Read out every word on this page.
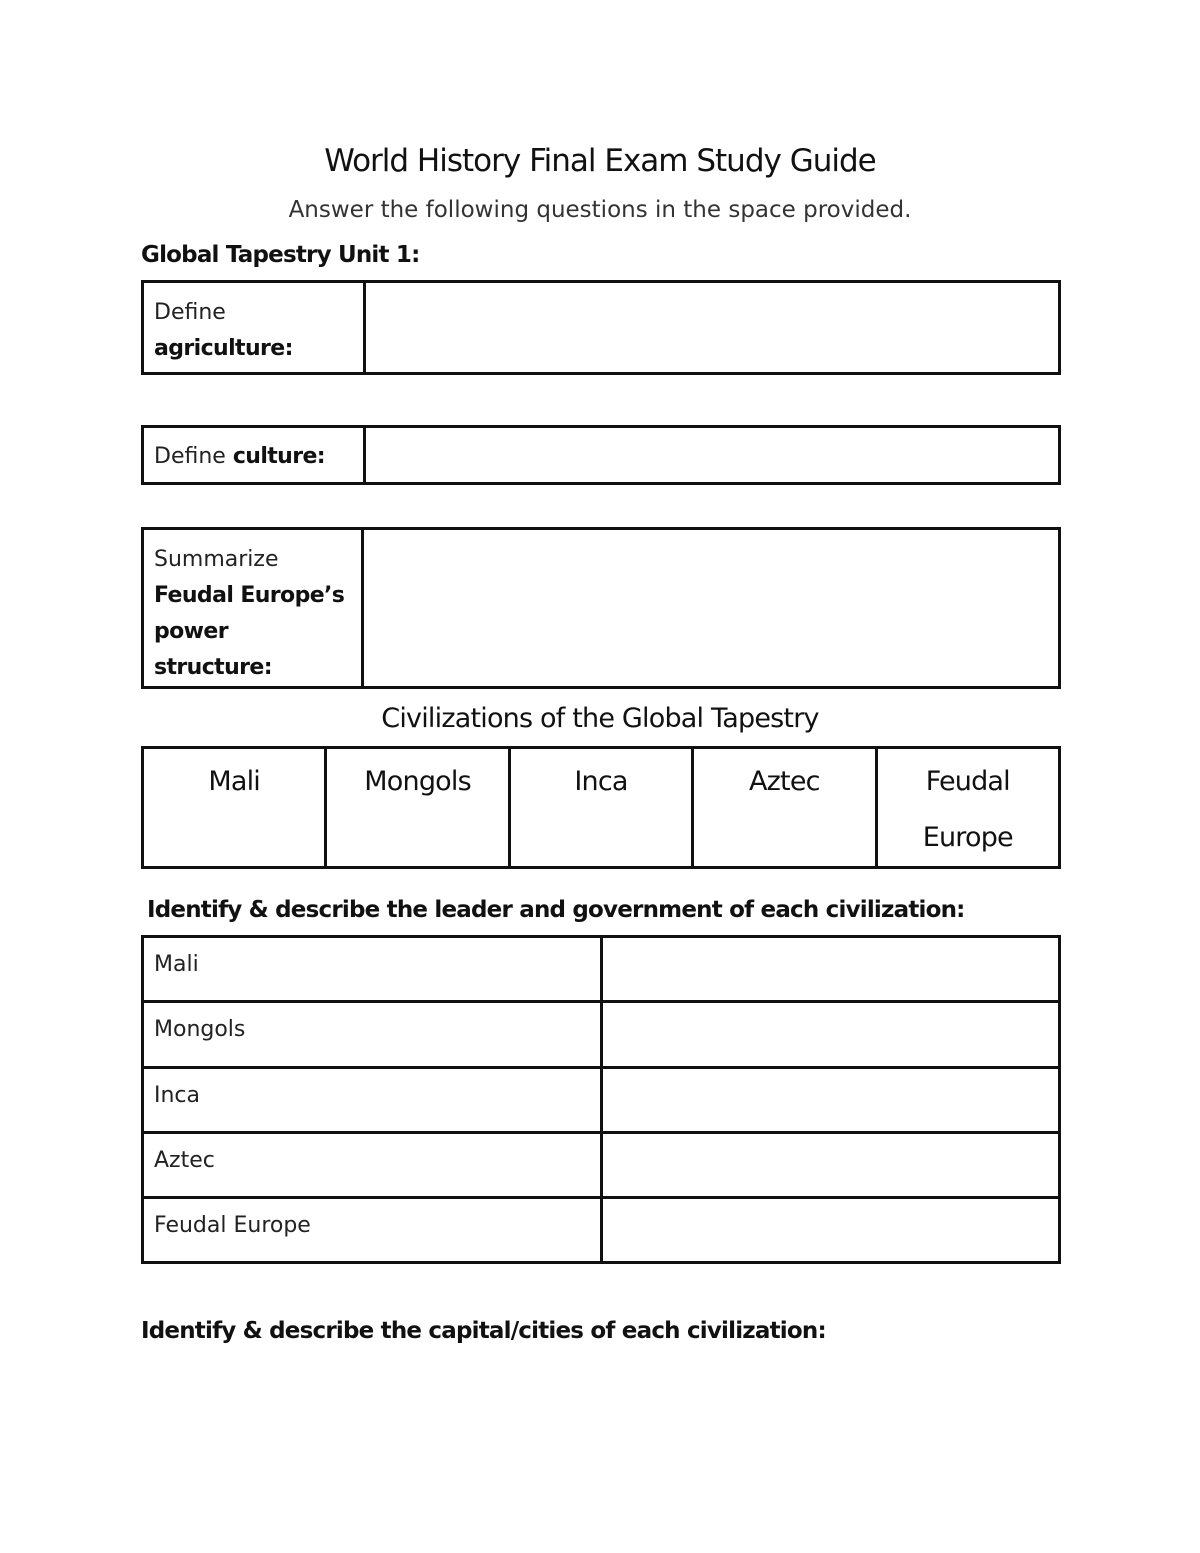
World History Final Exam Study Guide
Answer the following questions in the space provided.
Global Tapestry Unit 1:
Define
agriculture:	
Define culture:	
Summarize
Feudal Europe’s
power structure:	
Civilizations of the Global Tapestry
Mali	Mongols	Inca	Aztec	Feudal Europe
Identify & describe the leader and government of each civilization:
Mali	
Mongols	
Inca	
Aztec	
Feudal Europe	
Identify & describe the capital/cities of each civilization:
